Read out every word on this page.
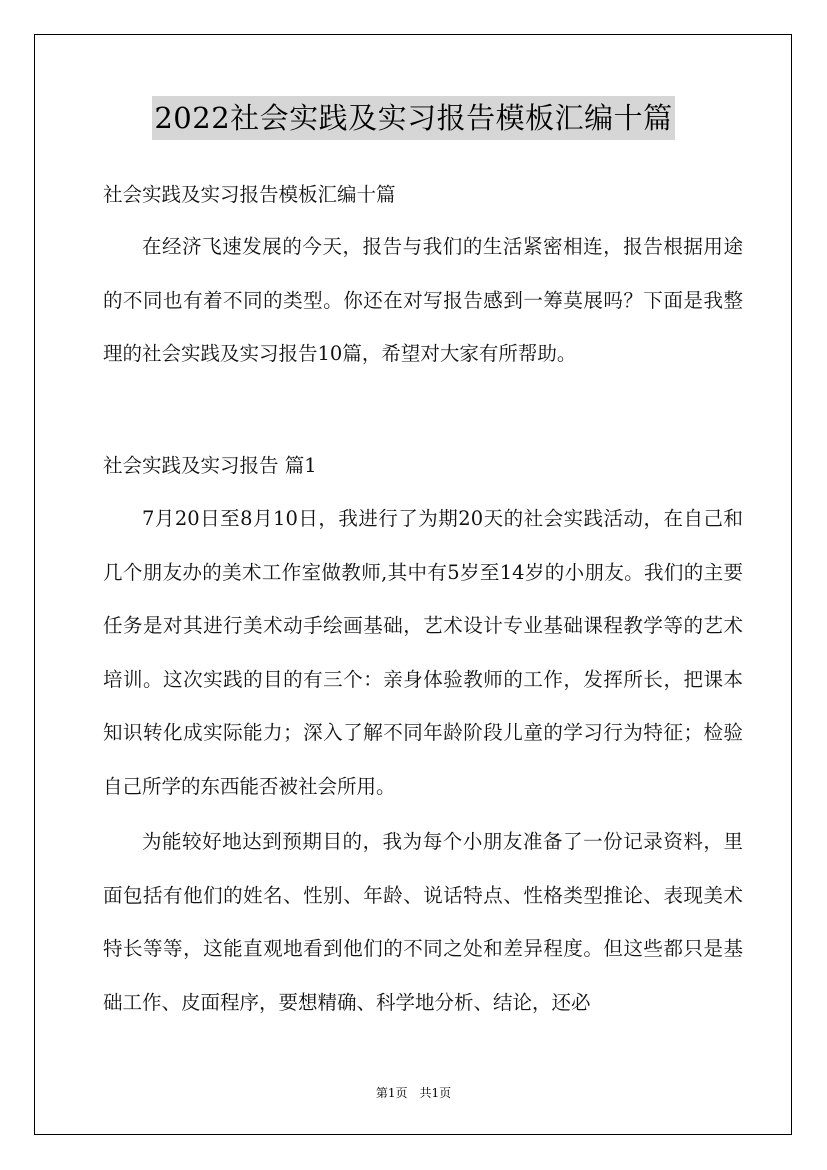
2022社会实践及实习报告模板汇编十篇
社会实践及实习报告模板汇编十篇
在经济飞速发展的今天，报告与我们的生活紧密相连，报告根据用途的不同也有着不同的类型。你还在对写报告感到一筹莫展吗？下面是我整理的社会实践及实习报告10篇，希望对大家有所帮助。
社会实践及实习报告 篇1
7月20日至8月10日，我进行了为期20天的社会实践活动，在自己和几个朋友办的美术工作室做教师,其中有5岁至14岁的小朋友。我们的主要任务是对其进行美术动手绘画基础，艺术设计专业基础课程教学等的艺术培训。这次实践的目的有三个：亲身体验教师的工作，发挥所长，把课本知识转化成实际能力；深入了解不同年龄阶段儿童的学习行为特征；检验自己所学的东西能否被社会所用。
为能较好地达到预期目的，我为每个小朋友准备了一份记录资料，里面包括有他们的姓名、性别、年龄、说话特点、性格类型推论、表现美术特长等等，这能直观地看到他们的不同之处和差异程度。但这些都只是基础工作、皮面程序，要想精确、科学地分析、结论，还必
第1页 共1页
